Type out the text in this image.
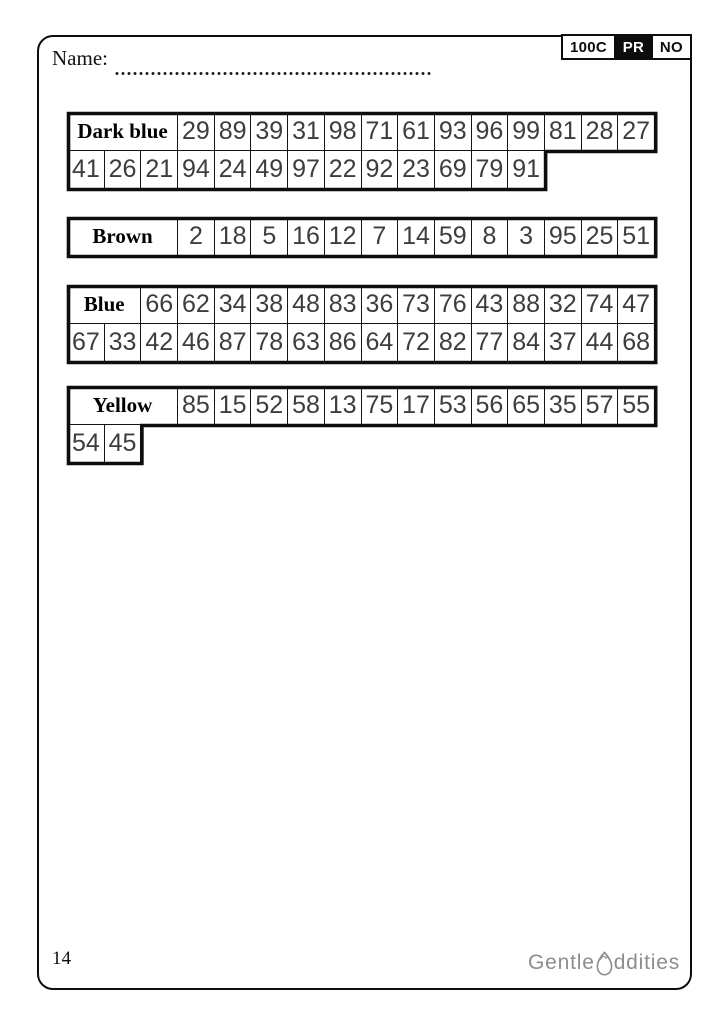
Name:	100C	PR	NO
Dark blue 29 89 39 31 98 71 61 93 96 99 81 28 27
41 26 21 94 24 49 97 22 92 23 69 79 91
Brown	2 18 5 16 12 7 14 59 8 3 95 25 51
Blue 66 62 34 38 48 83 36 73 76 43 88 32 74 47
67 33 42 46 87 78 63 86 64 72 82 77 84 37 44 68
Yellow	85 15 52 58 13 75 17 53 56 65 35 57 55
54 45
14	Gentle ddities
